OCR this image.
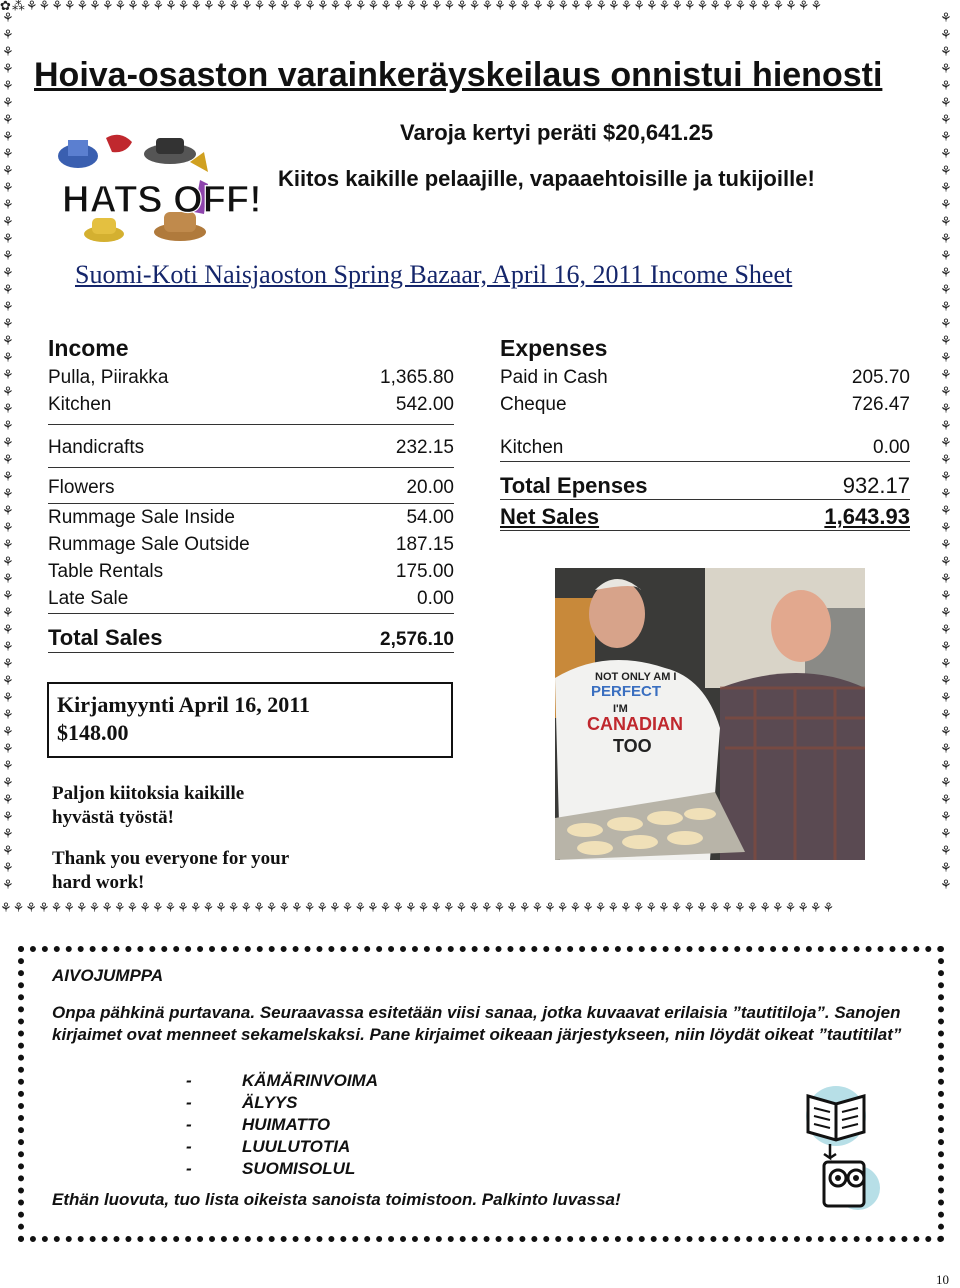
✿⁂⚘⚘⚘⚘⚘⚘⚘⚘⚘⚘⚘⚘⚘⚘⚘⚘⚘⚘⚘⚘⚘⚘⚘⚘⚘⚘⚘⚘⚘⚘⚘⚘⚘⚘⚘⚘⚘⚘⚘⚘⚘⚘⚘⚘⚘⚘⚘⚘⚘⚘⚘⚘⚘⚘⚘⚘⚘⚘⚘⚘⚘⚘⚘
⚘⚘⚘⚘⚘⚘⚘⚘⚘⚘⚘⚘⚘⚘⚘⚘⚘⚘⚘⚘⚘⚘⚘⚘⚘⚘⚘⚘⚘⚘⚘⚘⚘⚘⚘⚘⚘⚘⚘⚘⚘⚘⚘⚘⚘⚘⚘⚘⚘⚘⚘⚘⚘⚘⚘⚘⚘⚘⚘⚘⚘⚘⚘⚘⚘⚘
⚘⚘⚘⚘⚘⚘⚘⚘⚘⚘⚘⚘⚘⚘⚘⚘⚘⚘⚘⚘⚘⚘⚘⚘⚘⚘⚘⚘⚘⚘⚘⚘⚘⚘⚘⚘⚘⚘⚘⚘⚘⚘⚘⚘⚘⚘⚘⚘⚘⚘⚘⚘
⚘⚘⚘⚘⚘⚘⚘⚘⚘⚘⚘⚘⚘⚘⚘⚘⚘⚘⚘⚘⚘⚘⚘⚘⚘⚘⚘⚘⚘⚘⚘⚘⚘⚘⚘⚘⚘⚘⚘⚘⚘⚘⚘⚘⚘⚘⚘⚘⚘⚘⚘⚘
Hoiva-osaston varainkeräyskeilaus onnistui hienosti
Varoja kertyi peräti $20,641.25
Kiitos kaikille pelaajille, vapaaehtoisille ja tukijoille!
HATS OFF!
Suomi-Koti Naisjaoston Spring Bazaar, April 16, 2011 Income Sheet
Income
Pulla, Piirakka	1,365.80
Kitchen	542.00
Handicrafts	232.15
Flowers	20.00
Rummage Sale Inside	54.00
Rummage Sale Outside	187.15
Table Rentals	175.00
Late Sale	0.00
Total Sales	2,576.10
Expenses
Paid in Cash	205.70
Cheque	726.47
Kitchen	0.00
Total Epenses	932.17
Net Sales	1,643.93
Kirjamyynti April 16, 2011
$148.00
Paljon kiitoksia kaikille
hyvästä työstä!
Thank you everyone for your
hard work!
NOT ONLY AM I
PERFECT
I'M
CANADIAN
TOO
AIVOJUMPPA
Onpa pähkinä purtavana. Seuraavassa esitetään viisi sanaa, jotka kuvaavat erilaisia ”tautitiloja”. Sanojen kirjaimet ovat menneet sekamelskaksi. Pane kirjaimet oikeaan järjestykseen, niin löydät oikeat ”tautitilat”
-	KÄMÄRINVOIMA
-	ÄLYYS
-	HUIMATTO
-	LUULUTOTIA
-	SUOMISOLUL
Ethän luovuta, tuo lista oikeista sanoista toimistoon. Palkinto luvassa!
10
